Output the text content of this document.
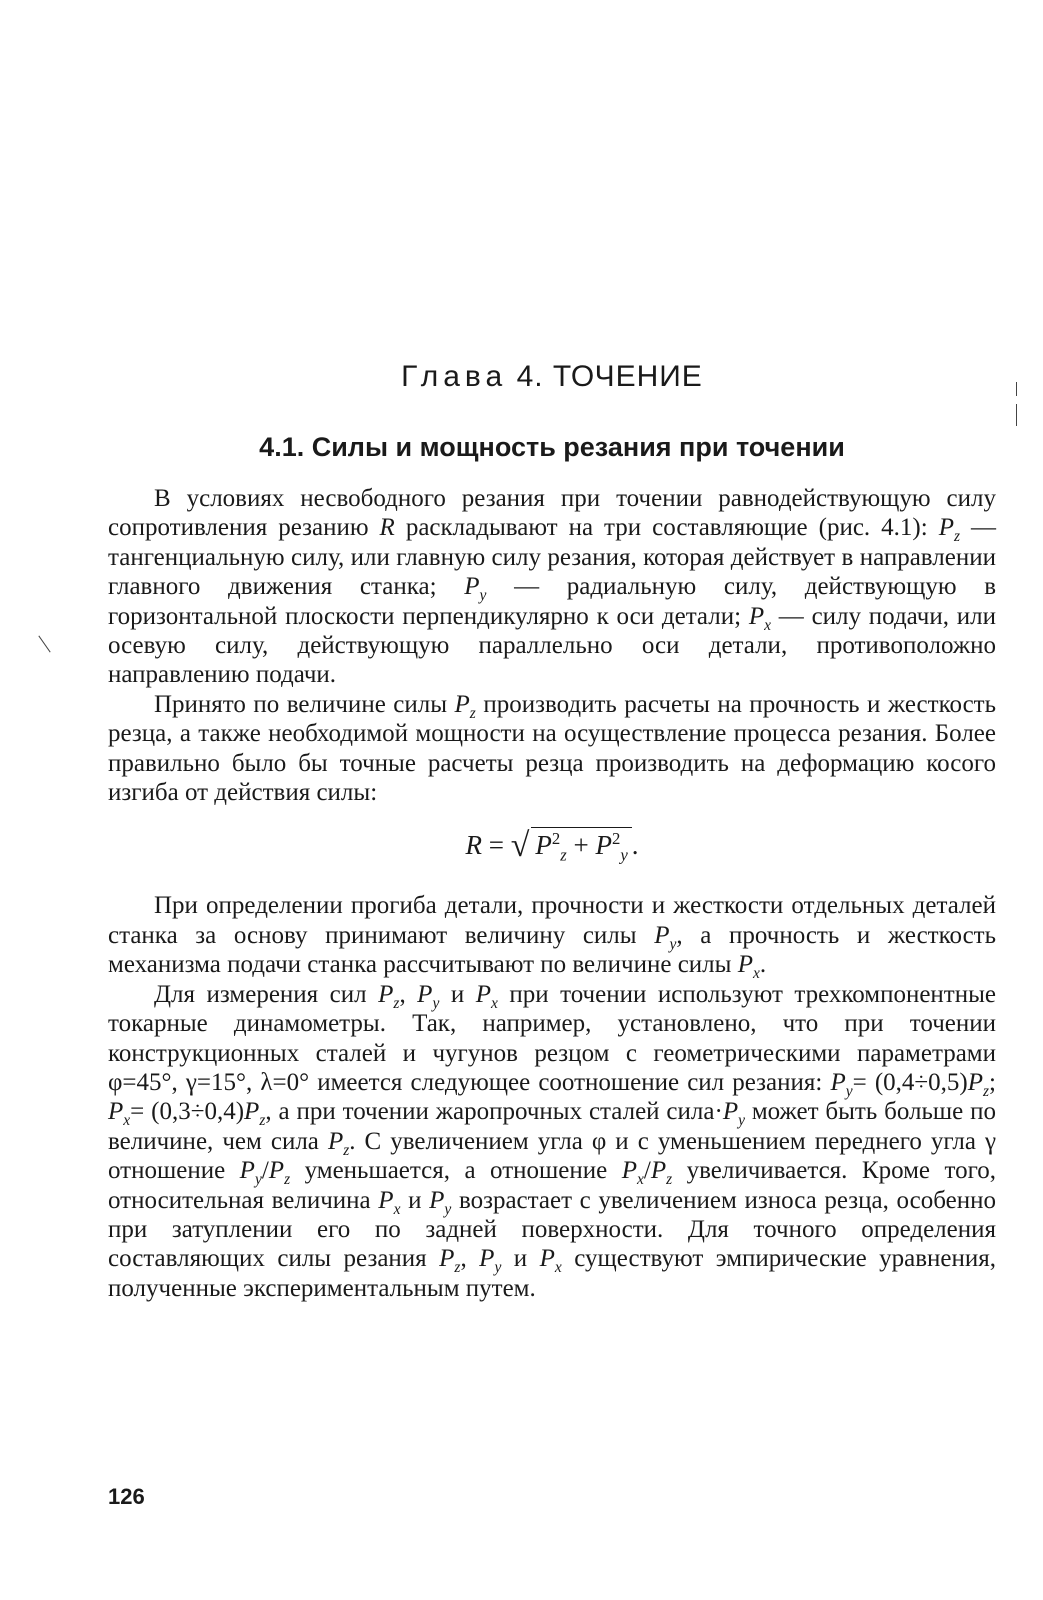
Глава 4. ТОЧЕНИЕ
4.1. Силы и мощность резания при точении

В условиях несвободного резания при точении равнодействующую силу сопротивления резанию R раскладывают на три составляющие (рис. 4.1): $P_z$ — тангенциальную силу, или главную силу резания, которая действует в направлении главного движения станка; $P_y$ — радиальную силу, действующую в горизонтальной плоскости перпендикулярно к оси детали; $P_x$ — силу подачи, или осевую силу, действующую параллельно оси детали, противоположно направлению подачи.

Принято по величине силы $P_z$ производить расчеты на прочность и жесткость резца, а также необходимой мощности на осуществление процесса резания. Более правильно было бы точные расчеты резца производить на деформацию косого изгиба от действия силы:

R = √ $P^2_z + P^2_y$ .

При определении прогиба детали, прочности и жесткости отдельных деталей станка за основу принимают величину силы $P_y$, а прочность и жесткость механизма подачи станка рассчитывают по величине силы $P_x$.

Для измерения сил $P_z$, $P_y$ и $P_x$ при точении используют трехкомпонентные токарные динамометры. Так, например, установлено, что при точении конструкционных сталей и чугунов резцом с геометрическими параметрами φ=45°, γ=15°, λ=0° имеется следующее соотношение сил резания: $P_y= (0,4\div 0,5)P_z$; $P_x= (0,3\div 0,4)P_z$, а при точении жаропрочных сталей $сила\cdot P_y$ может быть больше по величине, чем сила $P_z$. С увеличением угла φ и с уменьшением переднего угла γ отношение $P_y/P_z$ уменьшается, а отношение $P_x/P_z$ увеличивается. Кроме того, относительная величина $P_x$ и $P_y$ возрастает с увеличением износа резца, особенно при затуплении его по задней поверхности. Для точного определения составляющих силы резания $P_z$, $P_y$ и $P_x$ существуют эмпирические уравнения, полученные экспериментальным путем.

126
